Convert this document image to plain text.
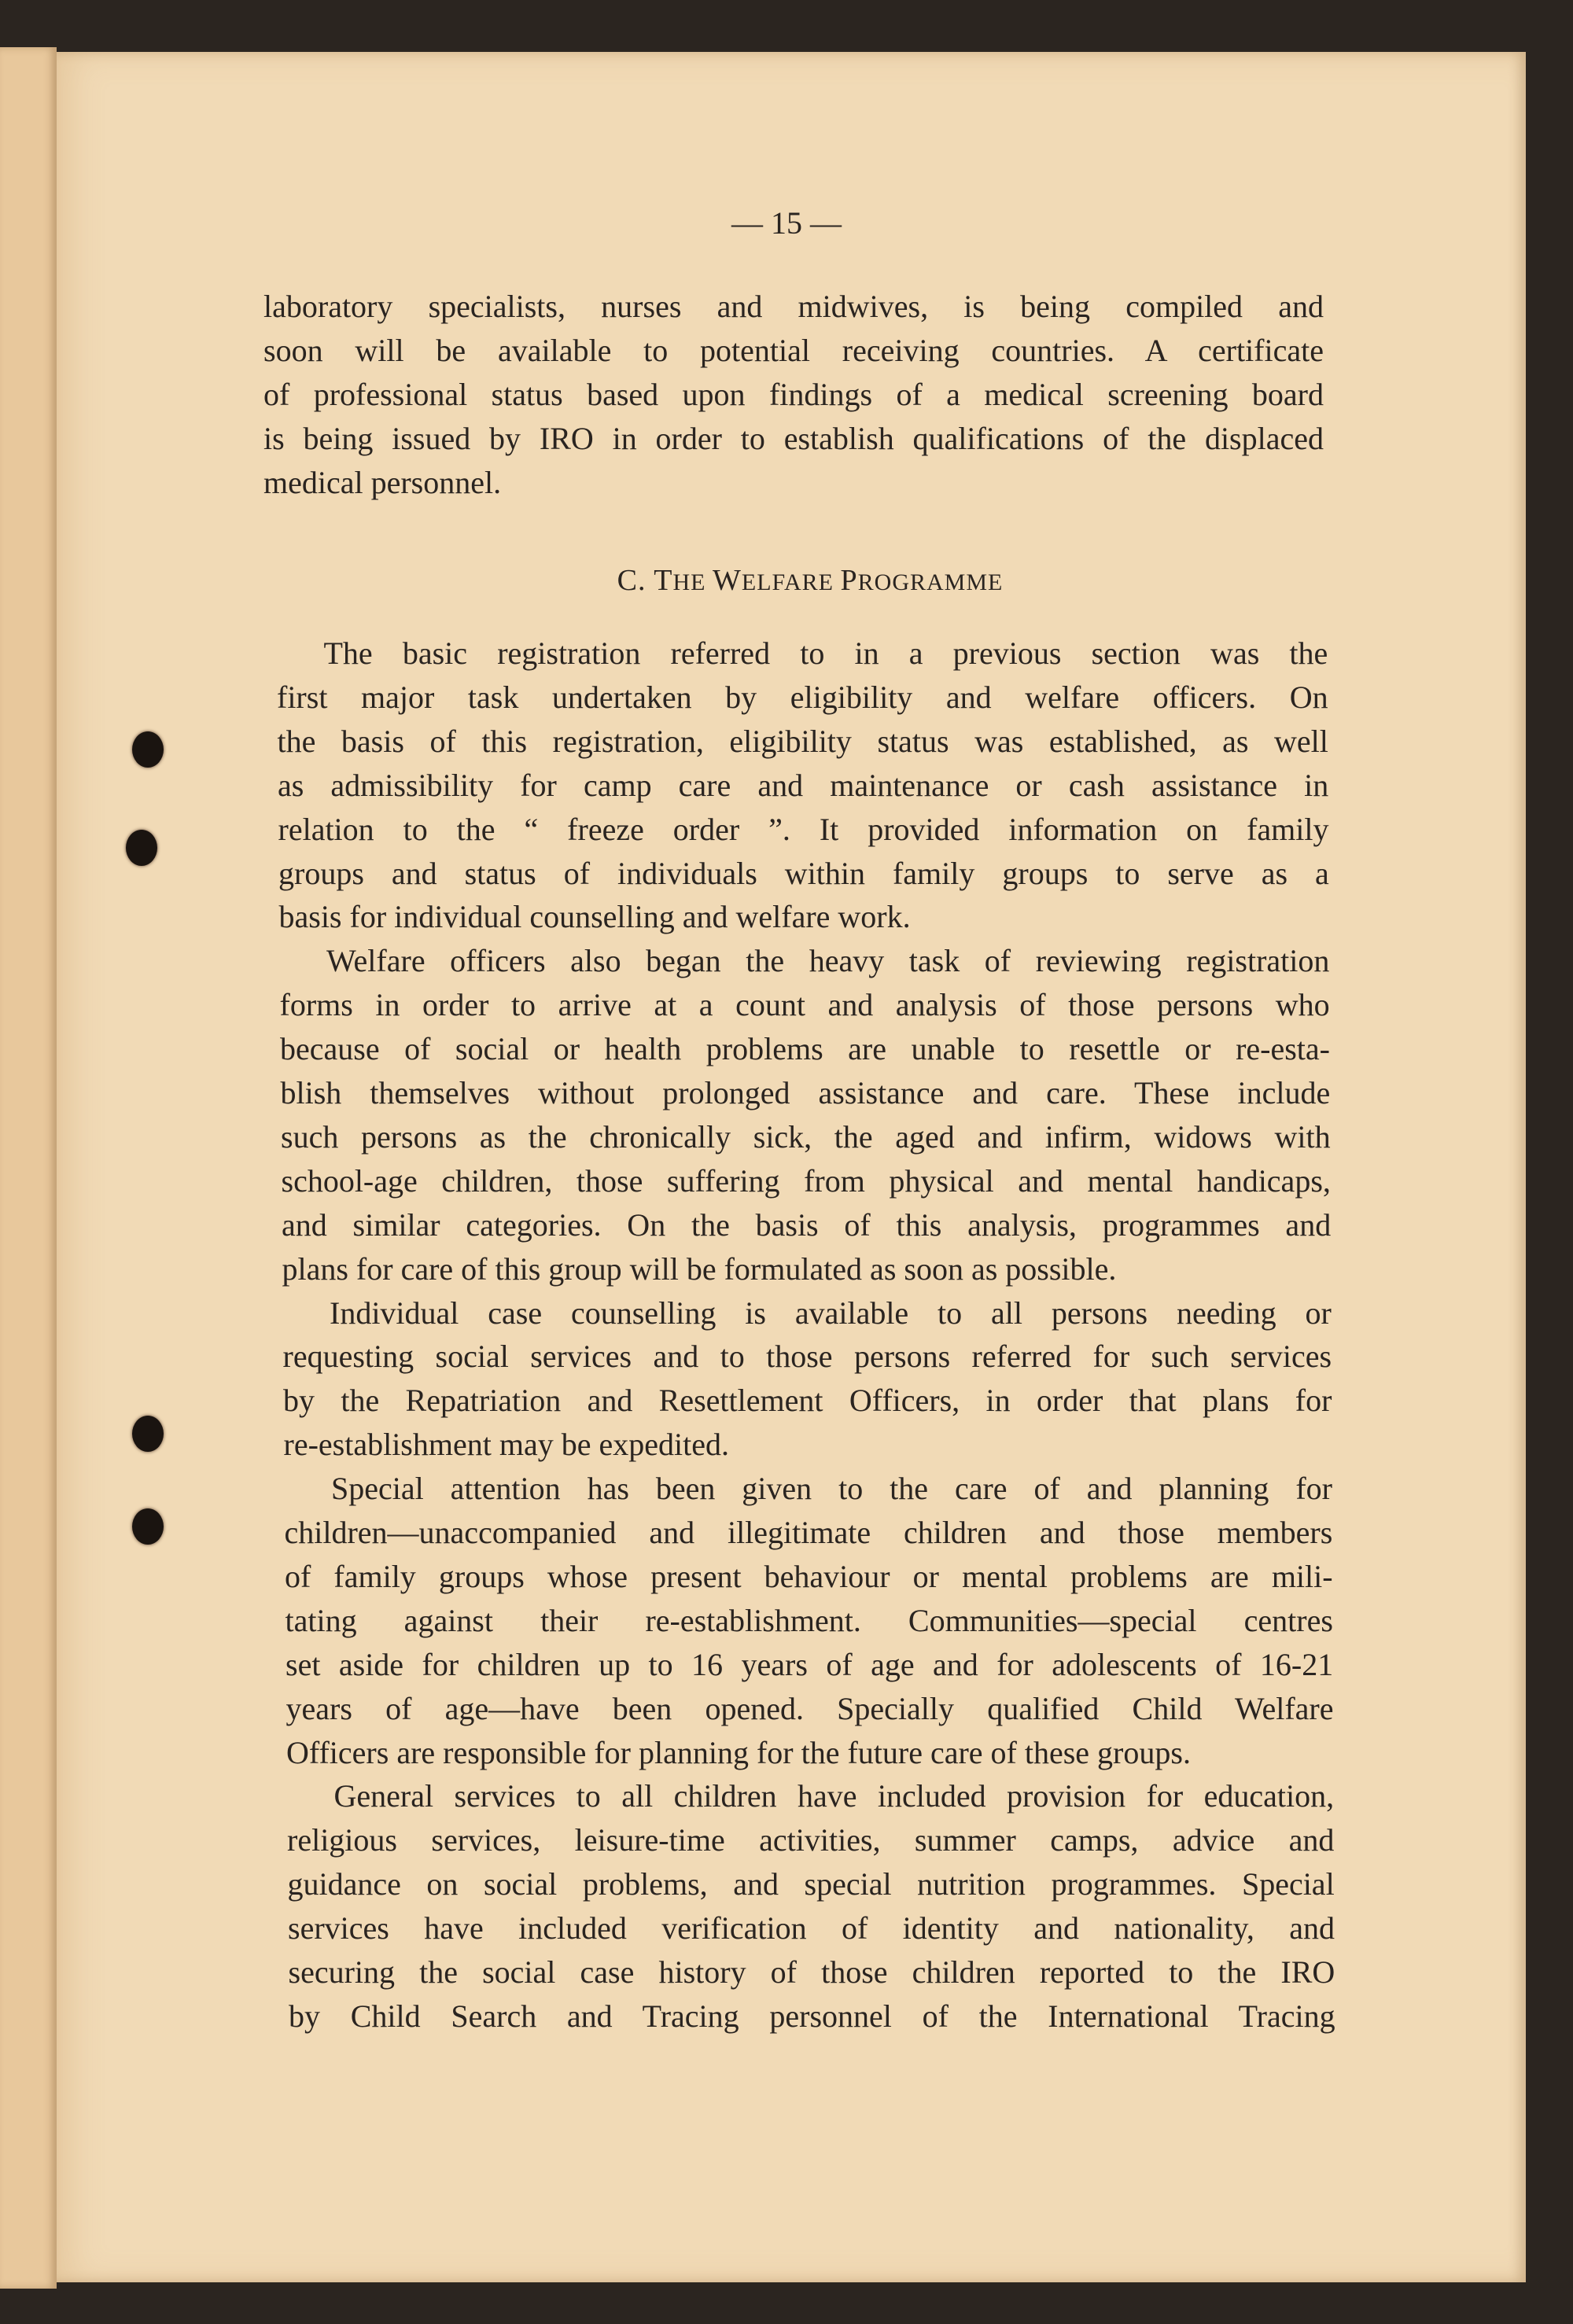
— 15 —
C. THE WELFARE PROGRAMME
laboratory specialists, nurses and midwives, is being compiled and
soon will be available to potential receiving countries. A certificate
of professional status based upon findings of a medical screening board
is being issued by IRO in order to establish qualifications of the displaced
medical personnel.
The basic registration referred to in a previous section was the
first major task undertaken by eligibility and welfare officers. On
the basis of this registration, eligibility status was established, as well
as admissibility for camp care and maintenance or cash assistance in
relation to the “ freeze order ”. It provided information on family
groups and status of individuals within family groups to serve as a
basis for individual counselling and welfare work.
Welfare officers also began the heavy task of reviewing registration
forms in order to arrive at a count and analysis of those persons who
because of social or health problems are unable to resettle or re-esta-
blish themselves without prolonged assistance and care. These include
such persons as the chronically sick, the aged and infirm, widows with
school-age children, those suffering from physical and mental handicaps,
and similar categories. On the basis of this analysis, programmes and
plans for care of this group will be formulated as soon as possible.
Individual case counselling is available to all persons needing or
requesting social services and to those persons referred for such services
by the Repatriation and Resettlement Officers, in order that plans for
re-establishment may be expedited.
Special attention has been given to the care of and planning for
children—unaccompanied and illegitimate children and those members
of family groups whose present behaviour or mental problems are mili-
tating against their re-establishment. Communities—special centres
set aside for children up to 16 years of age and for adolescents of 16-21
years of age—have been opened. Specially qualified Child Welfare
Officers are responsible for planning for the future care of these groups.
General services to all children have included provision for education,
religious services, leisure-time activities, summer camps, advice and
guidance on social problems, and special nutrition programmes. Special
services have included verification of identity and nationality, and
securing the social case history of those children reported to the IRO
by Child Search and Tracing personnel of the International Tracing
